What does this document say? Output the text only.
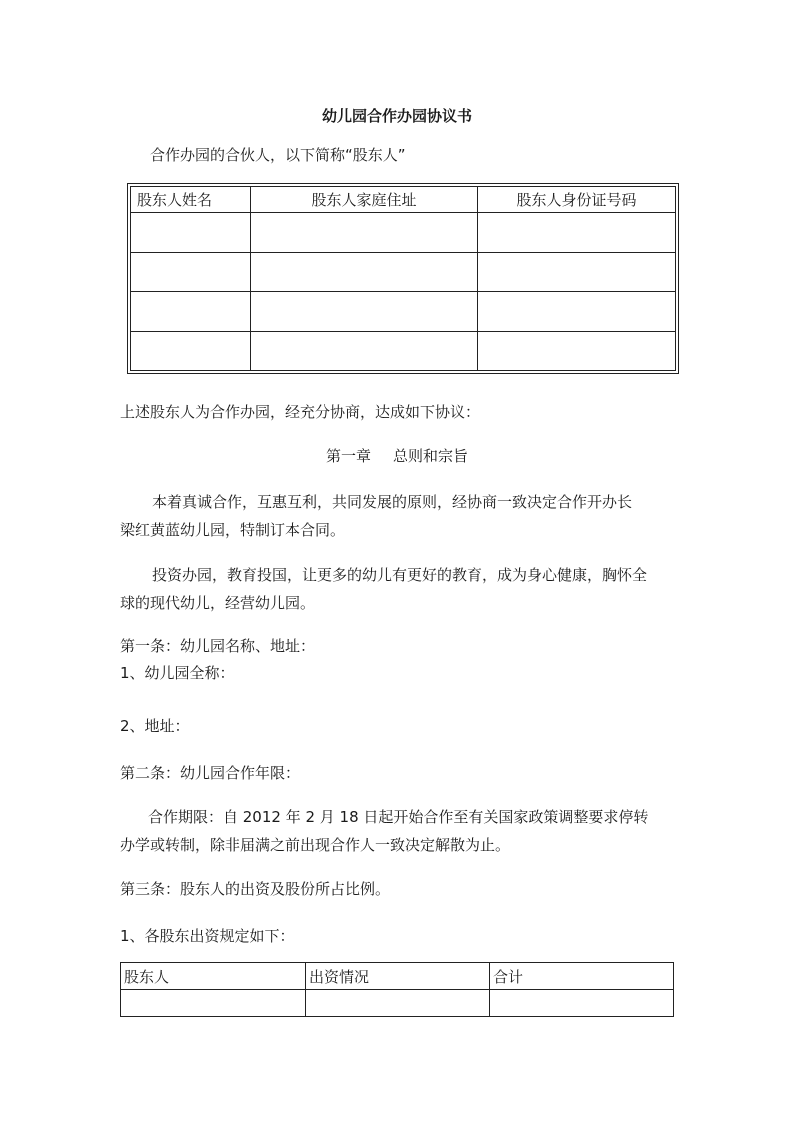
幼儿园合作办园协议书
合作办园的合伙人，以下简称“股东人”
股东人姓名	股东人家庭住址	股东人身份证号码

上述股东人为合作办园，经充分协商，达成如下协议：
第一章 总则和宗旨
本着真诚合作，互惠互利，共同发展的原则，经协商一致决定合作开办长
梁红黄蓝幼儿园，特制订本合同。
投资办园，教育投国，让更多的幼儿有更好的教育，成为身心健康，胸怀全
球的现代幼儿，经营幼儿园。
第一条：幼儿园名称、地址：
1、幼儿园全称：
2、地址：
第二条：幼儿园合作年限：
合作期限：自 2012 年 2 月 18 日起开始合作至有关国家政策调整要求停转
办学或转制，除非届满之前出现合作人一致决定解散为止。
第三条：股东人的出资及股份所占比例。
1、各股东出资规定如下：
股东人	出资情况	合计
